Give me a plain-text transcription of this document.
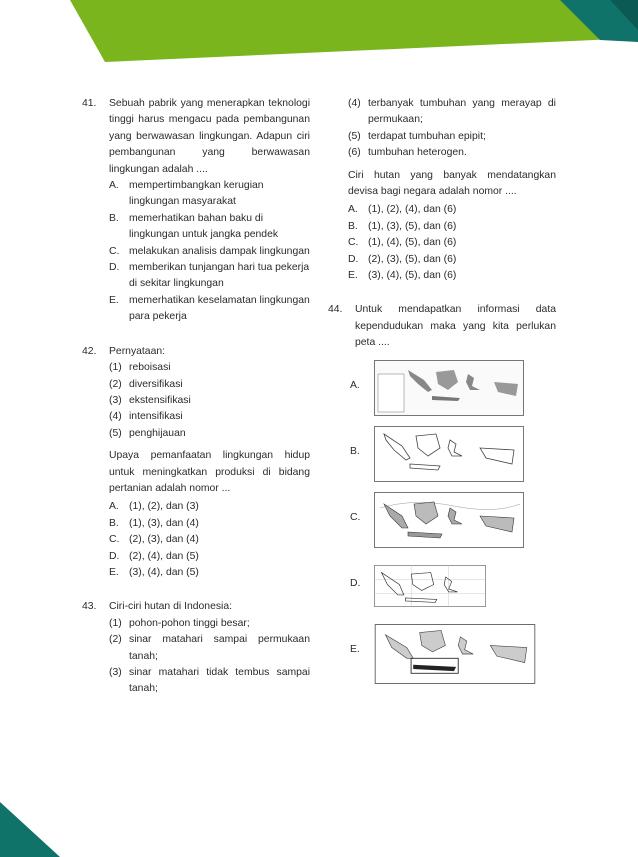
41. Sebuah pabrik yang menerapkan teknologi tinggi harus mengacu pada pembangunan yang berwawasan lingkungan. Adapun ciri pembangunan yang berwawasan lingkungan adalah ....
A. mempertimbangkan kerugian lingkungan masyarakat
B. memerhatikan bahan baku di lingkungan untuk jangka pendek
C. melakukan analisis dampak lingkungan
D. memberikan tunjangan hari tua pekerja di sekitar lingkungan
E. memerhatikan keselamatan lingkungan para pekerja
42. Pernyataan:
(1) reboisasi
(2) diversifikasi
(3) ekstensifikasi
(4) intensifikasi
(5) penghijauan
Upaya pemanfaatan lingkungan hidup untuk meningkatkan produksi di bidang pertanian adalah nomor ...
A. (1), (2), dan (3)
B. (1), (3), dan (4)
C. (2), (3), dan (4)
D. (2), (4), dan (5)
E. (3), (4), dan (5)
43. Ciri-ciri hutan di Indonesia:
(1) pohon-pohon tinggi besar;
(2) sinar matahari sampai permukaan tanah;
(3) sinar matahari tidak tembus sampai tanah;
(4) terbanyak tumbuhan yang merayap di permukaan;
(5) terdapat tumbuhan epipit;
(6) tumbuhan heterogen.
Ciri hutan yang banyak mendatangkan devisa bagi negara adalah nomor ....
A. (1), (2), (4), dan (6)
B. (1), (3), (5), dan (6)
C. (1), (4), (5), dan (6)
D. (2), (3), (5), dan (6)
E. (3), (4), (5), dan (6)
44. Untuk mendapatkan informasi data kependudukan maka yang kita perlukan peta ....
A.
B.
C.
D.
E.
